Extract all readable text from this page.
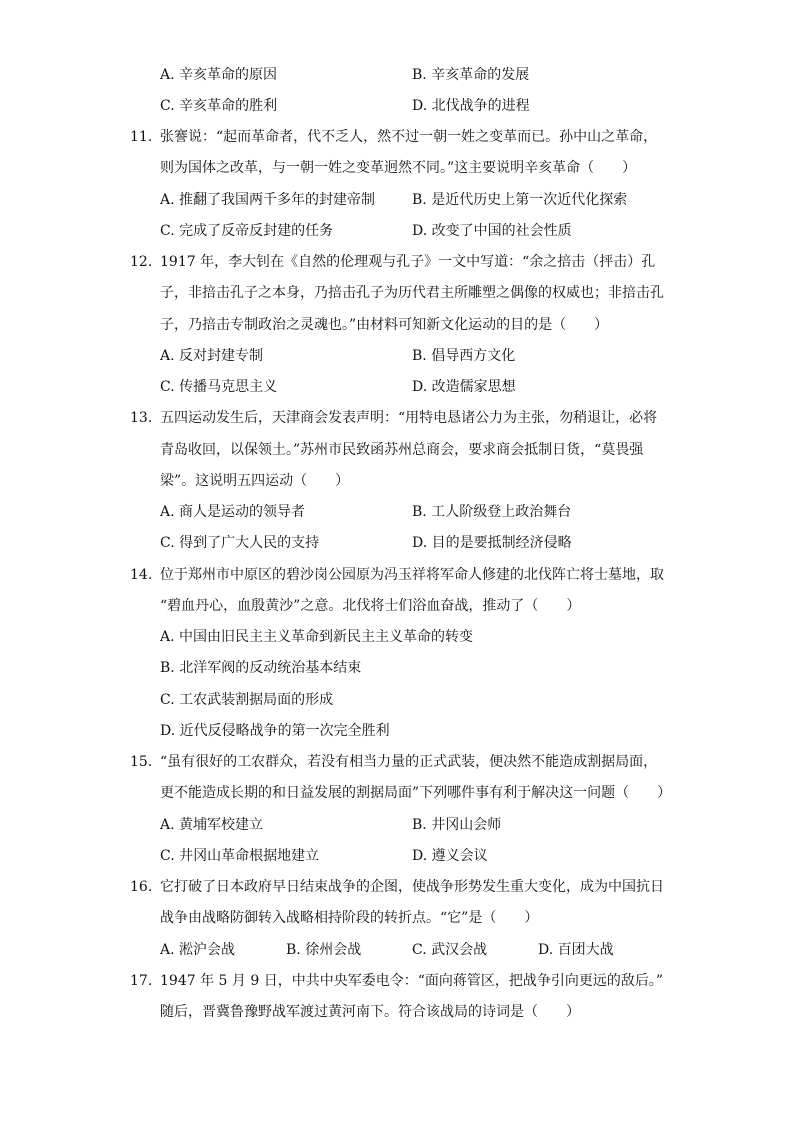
A. 辛亥革命的原因	B. 辛亥革命的发展
C. 辛亥革命的胜利	D. 北伐战争的进程
11. 张謇说：“起而革命者，代不乏人，然不过一朝一姓之变革而已。孙中山之革命，
则为国体之改革，与一朝一姓之变革迥然不同。”这主要说明辛亥革命（　　）
A. 推翻了我国两千多年的封建帝制	B. 是近代历史上第一次近代化探索
C. 完成了反帝反封建的任务	D. 改变了中国的社会性质
12. 1917 年，李大钊在《自然的伦理观与孔子》一文中写道：“余之掊击（抨击）孔
子，非掊击孔子之本身，乃掊击孔子为历代君主所雕塑之偶像的权威也；非掊击孔
子，乃掊击专制政治之灵魂也。”由材料可知新文化运动的目的是（　　）
A. 反对封建专制	B. 倡导西方文化
C. 传播马克思主义	D. 改造儒家思想
13. 五四运动发生后，天津商会发表声明：“用特电恳诸公力为主张，勿稍退让，必将
青岛收回，以保领土。”苏州市民致函苏州总商会，要求商会抵制日货，“莫畏强
梁”。这说明五四运动（　　）
A. 商人是运动的领导者	B. 工人阶级登上政治舞台
C. 得到了广大人民的支持	D. 目的是要抵制经济侵略
14. 位于郑州市中原区的碧沙岗公园原为冯玉祥将军命人修建的北伐阵亡将士墓地，取
“碧血丹心，血殷黄沙”之意。北伐将士们浴血奋战，推动了（　　）
A. 中国由旧民主主义革命到新民主主义革命的转变
B. 北洋军阀的反动统治基本结束
C. 工农武装割据局面的形成
D. 近代反侵略战争的第一次完全胜利
15. “虽有很好的工农群众，若没有相当力量的正式武装，便决然不能造成割据局面，
更不能造成长期的和日益发展的割据局面”下列哪件事有利于解决这一问题（　　）
A. 黄埔军校建立	B. 井冈山会师
C. 井冈山革命根据地建立	D. 遵义会议
16. 它打破了日本政府早日结束战争的企图，使战争形势发生重大变化，成为中国抗日
战争由战略防御转入战略相持阶段的转折点。“它”是（　　）
A. 淞沪会战	B. 徐州会战	C. 武汉会战	D. 百团大战
17. 1947 年 5 月 9 日，中共中央军委电令：“面向蒋管区，把战争引向更远的敌后。”
随后，晋冀鲁豫野战军渡过黄河南下。符合该战局的诗词是（　　）
